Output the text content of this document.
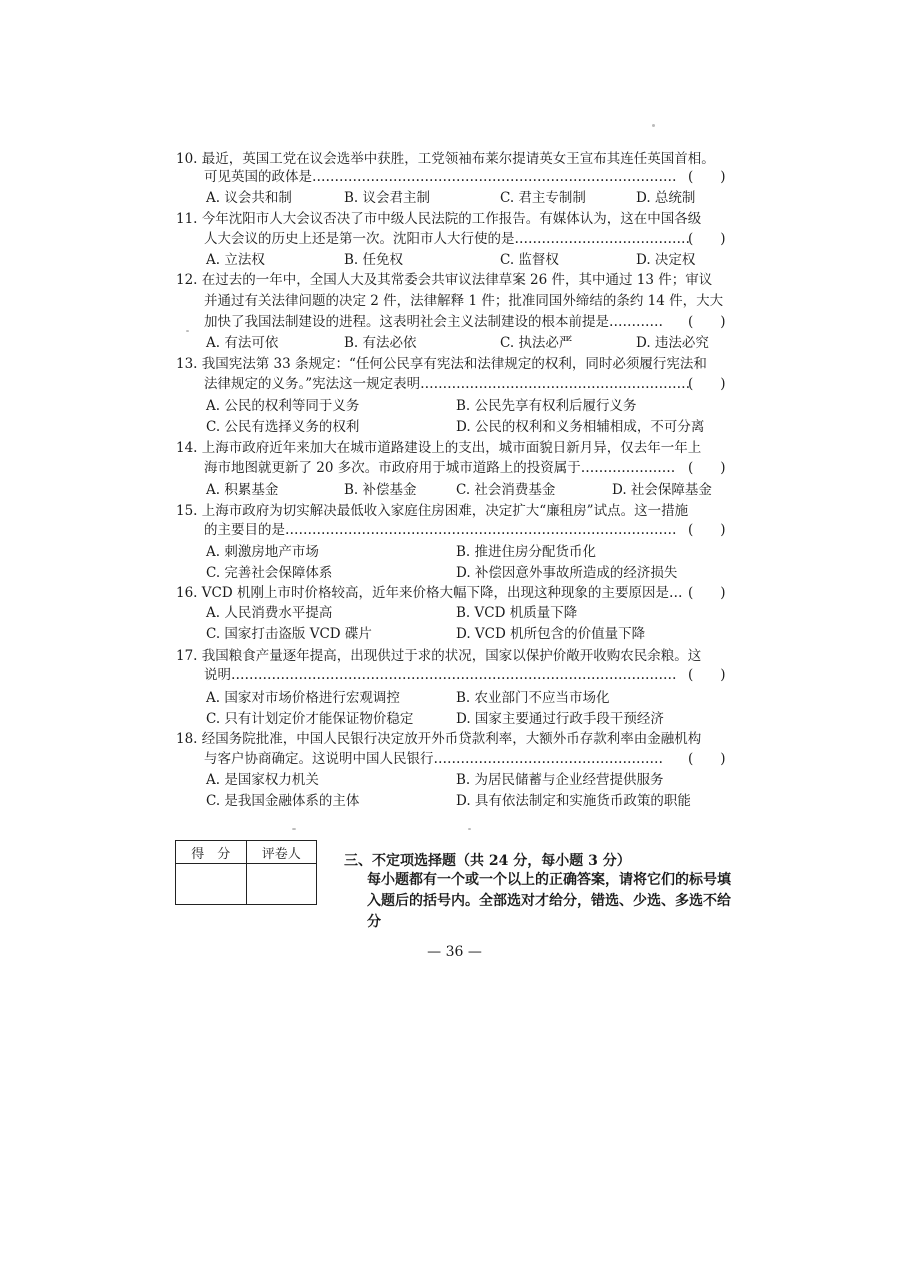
10. 最近，英国工党在议会选举中获胜，工党领袖布莱尔提请英女王宣布其连任英国首相。
可见英国的政体是……………………………………………………………………… (　　)
A. 议会共和制	B. 议会君主制	C. 君主专制制	D. 总统制
11. 今年沈阳市人大会议否决了市中级人民法院的工作报告。有媒体认为，这在中国各级
人大会议的历史上还是第一次。沈阳市人大行使的是…………………………………
(　　)
A. 立法权	B. 任免权	C. 监督权	D. 决定权
12. 在过去的一年中，全国人大及其常委会共审议法律草案 26 件，其中通过 13 件；审议
并通过有关法律问题的决定 2 件，法律解释 1 件；批准同国外缔结的条约 14 件，大大
加快了我国法制建设的进程。这表明社会主义法制建设的根本前提是………… (　　)
A. 有法可依	B. 有法必依	C. 执法必严	D. 违法必究
13. 我国宪法第 33 条规定：“任何公民享有宪法和法律规定的权利，同时必须履行宪法和
法律规定的义务。”宪法这一规定表明……………………………………………………
(　　)
A. 公民的权利等同于义务	B. 公民先享有权利后履行义务
C. 公民有选择义务的权利	D. 公民的权利和义务相辅相成，不可分离
14. 上海市政府近年来加大在城市道路建设上的支出，城市面貌日新月异，仅去年一年上
海市地图就更新了 20 多次。市政府用于城市道路上的投资属于………………… (　　)
A. 积累基金	B. 补偿基金	C. 社会消费基金	D. 社会保障基金
15. 上海市政府为切实解决最低收入家庭住房困难，决定扩大“廉租房”试点。这一措施
的主要目的是…………………………………………………………………………… (　　)
A. 刺激房地产市场	B. 推进住房分配货币化
C. 完善社会保障体系	D. 补偿因意外事故所造成的经济损失
16. VCD 机刚上市时价格较高，近年来价格大幅下降，出现这种现象的主要原因是… (　　)
A. 人民消费水平提高	B. VCD 机质量下降
C. 国家打击盗版 VCD 碟片	D. VCD 机所包含的价值量下降
17. 我国粮食产量逐年提高，出现供过于求的状况，国家以保护价敞开收购农民余粮。这
说明……………………………………………………………………………………… (　　)
A. 国家对市场价格进行宏观调控	B. 农业部门不应当市场化
C. 只有计划定价才能保证物价稳定	D. 国家主要通过行政手段干预经济
18. 经国务院批准，中国人民银行决定放开外币贷款利率，大额外币存款利率由金融机构
与客户协商确定。这说明中国人民银行…………………………………………… (　　)
A. 是国家权力机关	B. 为居民储蓄与企业经营提供服务
C. 是我国金融体系的主体	D. 具有依法制定和实施货币政策的职能
得　分	评卷人
		三、不定项选择题（共 24 分，每小题 3 分）
每小题都有一个或一个以上的正确答案，请将它们的标号填入题后的括号内。全部选对才给分，错选、少选、多选不给分
— 36 —
